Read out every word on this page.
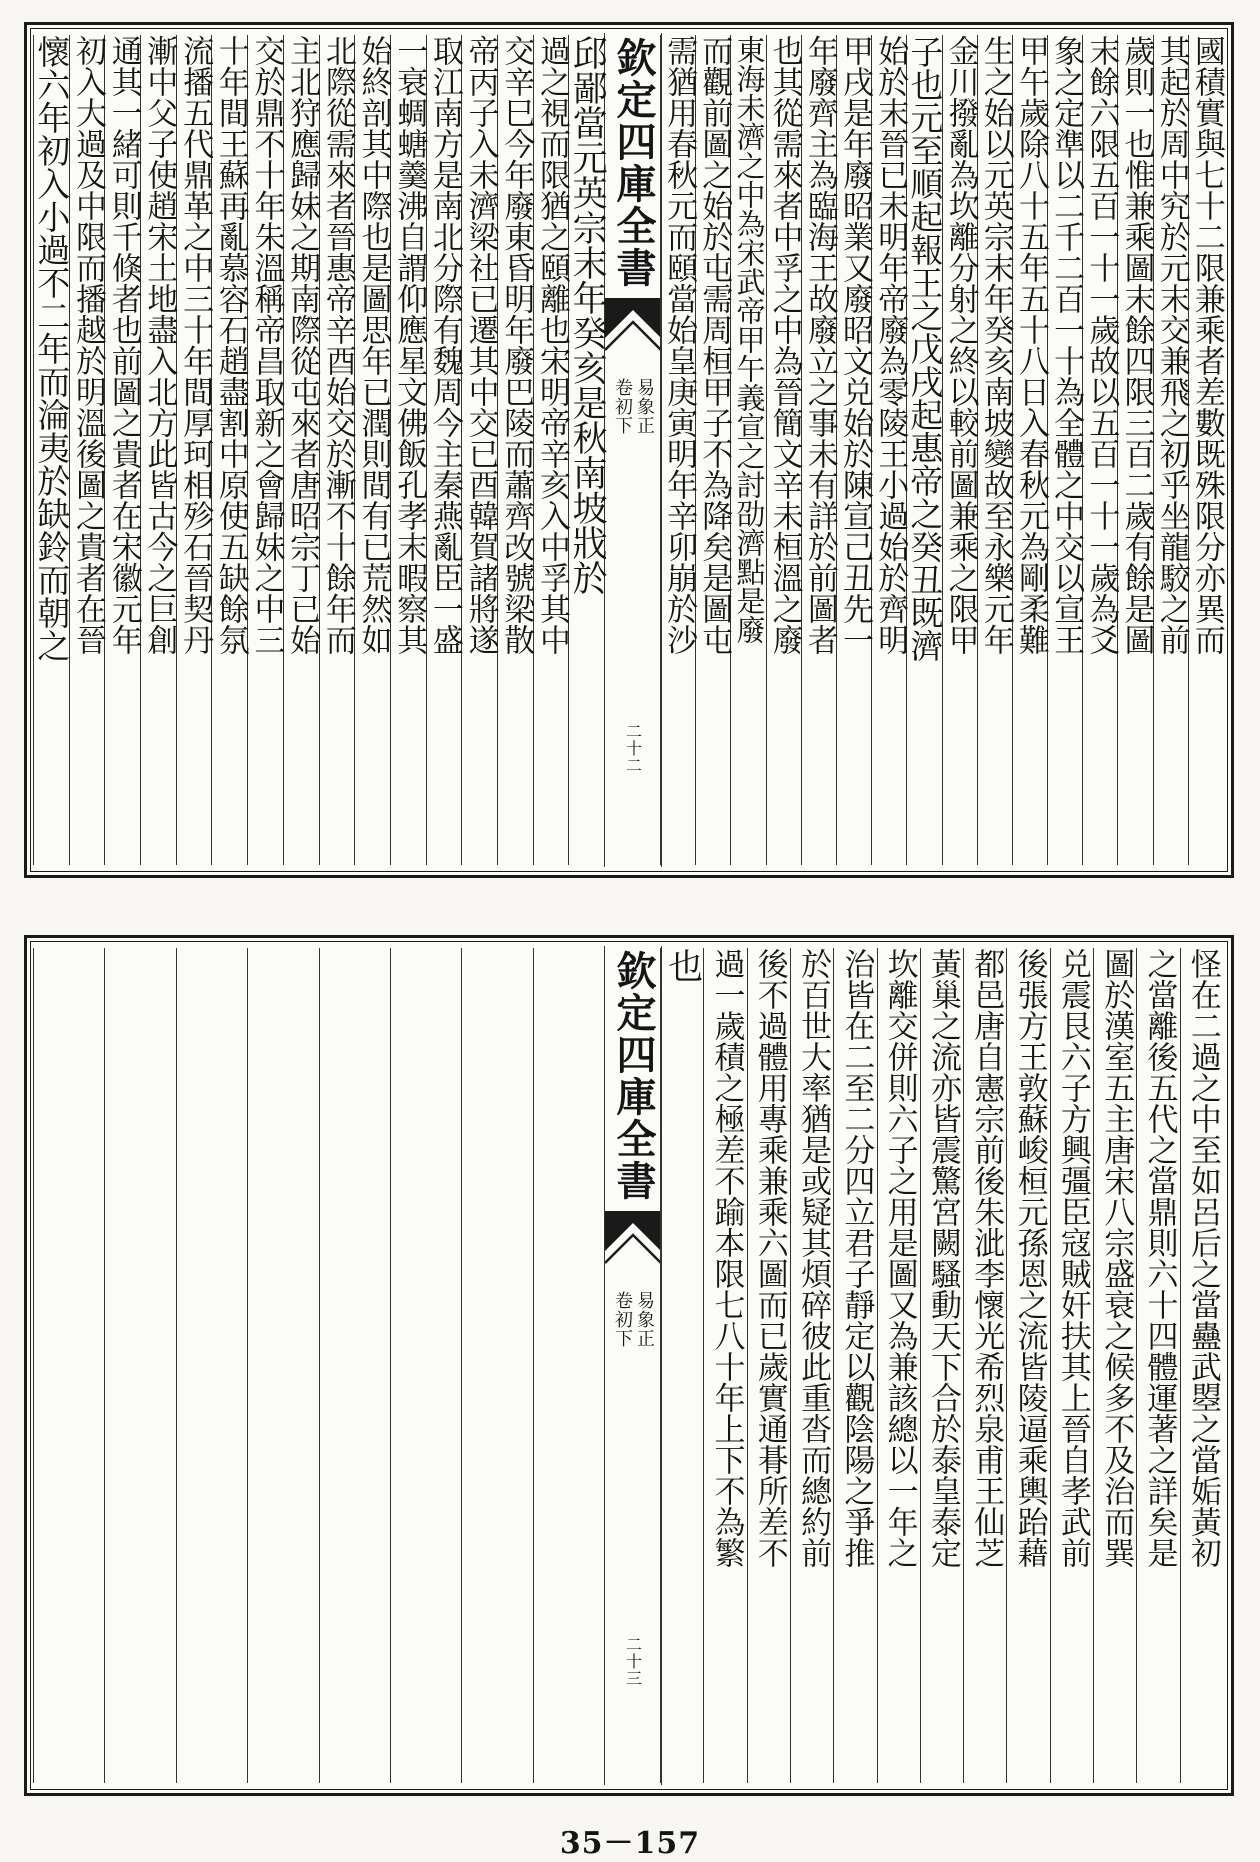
欽定四庫全書
易象正
卷初下
二十二
國積實與七十二限兼乘者差數既殊限分亦異而
其起於周中究於元末交兼飛之初乎坐龍駮之前
歲則一也惟兼乘圖末餘四限三百二歲有餘是圖
末餘六限五百一十一歲故以五百一十一歲為爻
象之定準以二千二百一十為全體之中交以宣王
甲午歲除八十五年五十八日入春秋元為剛柔難
生之始以元英宗末年癸亥南坡變故至永樂元年
金川撥亂為坎離分射之終以較前圖兼乘之限甲
子也元至順起報王之戊戌起惠帝之癸丑既濟
始於末晉已未明年帝廢為零陵王小過始於齊明
甲戌是年廢昭業又廢昭文兑始於陳宣己丑先一
年廢齊主為臨海王故廢立之事未有詳於前圖者
也其從需來者中孚之中為晉簡文辛未桓溫之廢
東海未濟之中為宋武帝甲午義宣之討劭濟點是廢
而觀前圖之始於屯需周桓甲子不為降矣是圖屯
需猶用春秋元而頤當始皇庚寅明年辛卯崩於沙
邱鄙當元英宗末年癸亥是秋南坡戕於
過之視而限猶之頤離也宋明帝辛亥入中孚其中
交辛巳今年廢東昏明年廢巴陵而蕭齊改號梁散
帝丙子入未濟梁社已遷其中交已酉韓賀諸將遂
取江南方是南北分際有魏周今主秦燕亂臣一盛
一衰蜩螗羹沸自謂仰應星文佛飯孔孝末暇察其
始終剖其中際也是圖思年已潤則間有已荒然如
北際從需來者晉惠帝辛酉始交於漸不十餘年而
主北狩應歸妹之期南際從屯來者唐昭宗丁已始
交於鼎不十年朱溫稱帝昌取新之會歸妹之中三
十年間王蘇再亂慕容石趙盡割中原使五缺餘氛
流播五代鼎革之中三十年間厚珂相殄石晉契丹
漸中父子使趙宋土地盡入北方此皆古今之巨創
通其一緒可則千倏者也前圖之貴者在宋徽元年
初入大過及中限而播越於明溫後圖之貴者在晉
懷六年初入小過不二年而淪夷於缺鈴而朝之
欽定四庫全書
易象正
卷初下
二十三
怪在二過之中至如呂后之當蠱武曌之當姤黃初
之當離後五代之當鼎則六十四體運著之詳矣是
圖於漢室五主唐宋八宗盛衰之候多不及治而巽
兑震艮六子方興彊臣寇賊奸扶其上晉自孝武前
後張方王敦蘇峻桓元孫恩之流皆陵逼乘輿跆藉
都邑唐自憲宗前後朱泚李懷光希烈泉甫王仙芝
黃巢之流亦皆震驚宮闕騷動天下合於泰皇泰定
坎離交併則六子之用是圖又為兼該總以一年之
治皆在二至二分四立君子靜定以觀陰陽之爭推
於百世大率猶是或疑其煩碎彼此重沓而總約前
後不過體用專乘兼乘六圖而已歲實通朞所差不
過一歲積之極差不踰本限七八十年上下不為繁
也
35－157
